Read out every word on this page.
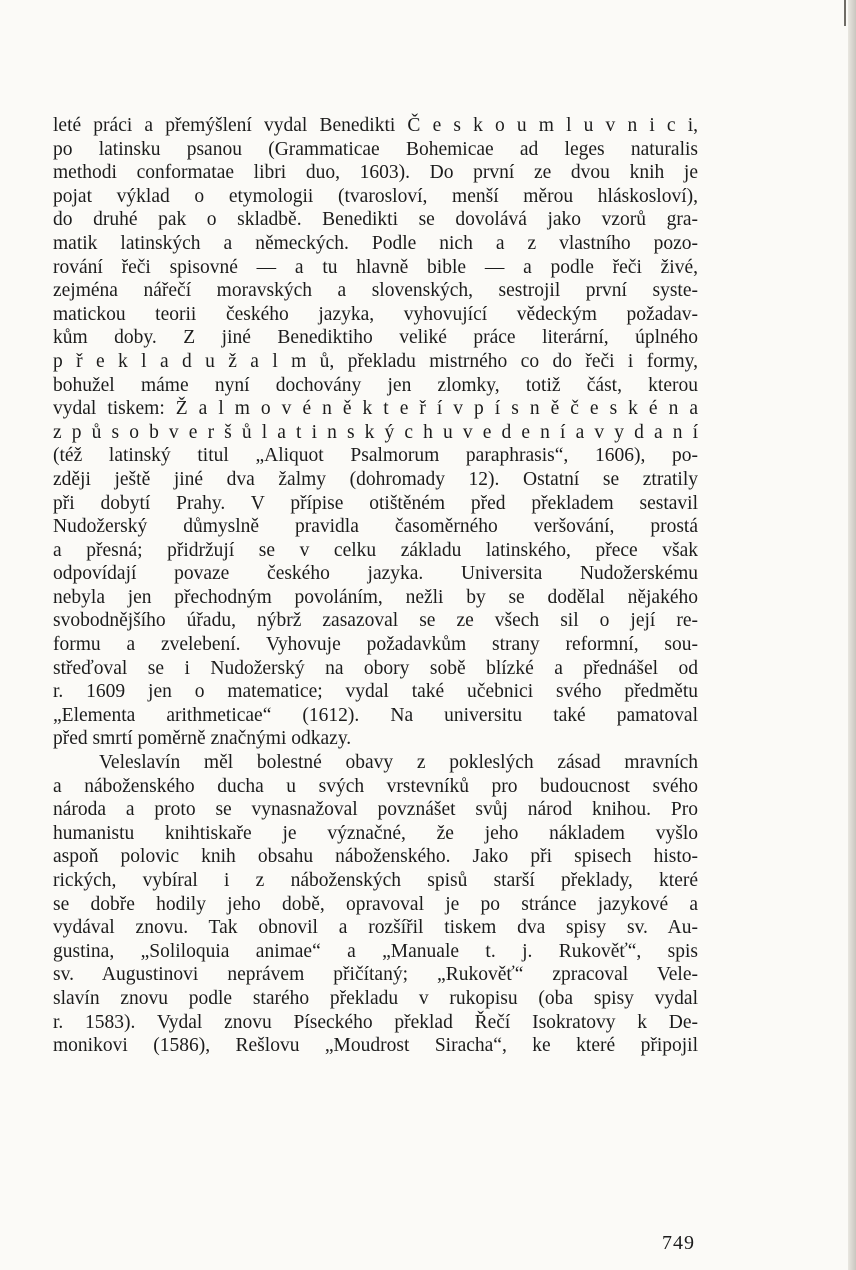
leté práci a přemýšlení vydal Benedikti Č e s k o u m l u v n i c i,
po latinsku psanou (Grammaticae Bohemicae ad leges naturalis
methodi conformatae libri duo, 1603). Do první ze dvou knih je
pojat výklad o etymologii (tvarosloví, menší měrou hláskosloví),
do druhé pak o skladbě. Benedikti se dovolává jako vzorů gra-
matik latinských a německých. Podle nich a z vlastního pozo-
rování řeči spisovné — a tu hlavně bible — a podle řeči živé,
zejména nářečí moravských a slovenských, sestrojil první syste-
matickou teorii českého jazyka, vyhovující vědeckým požadav-
kům doby. Z jiné Benediktiho veliké práce literární, úplného
p ř e k l a d u ž a l m ů, překladu mistrného co do řeči i formy,
bohužel máme nyní dochovány jen zlomky, totiž část, kterou
vydal tiskem: Ž a l m o v é n ě k t e ř í v p í s n ě č e s k é n a
z p ů s o b v e r š ů l a t i n s k ý c h u v e d e n í a v y d a n í
(též latinský titul „Aliquot Psalmorum paraphrasis“, 1606), po-
zději ještě jiné dva žalmy (dohromady 12). Ostatní se ztratily
při dobytí Prahy. V přípise otištěném před překladem sestavil
Nudožerský důmyslně pravidla časoměrného veršování, prostá
a přesná; přidržují se v celku základu latinského, přece však
odpovídají povaze českého jazyka. Universita Nudožerskému
nebyla jen přechodným povoláním, nežli by se dodělal nějakého
svobodnějšího úřadu, nýbrž zasazoval se ze všech sil o její re-
formu a zvelebení. Vyhovuje požadavkům strany reformní, sou-
střeďoval se i Nudožerský na obory sobě blízké a přednášel od
r. 1609 jen o matematice; vydal také učebnici svého předmětu
„Elementa arithmeticae“ (1612). Na universitu také pamatoval
před smrtí poměrně značnými odkazy.
Veleslavín měl bolestné obavy z pokleslých zásad mravních
a náboženského ducha u svých vrstevníků pro budoucnost svého
národa a proto se vynasnažoval povznášet svůj národ knihou. Pro
humanistu knihtiskaře je význačné, že jeho nákladem vyšlo
aspoň polovic knih obsahu náboženského. Jako při spisech histo-
rických, vybíral i z náboženských spisů starší překlady, které
se dobře hodily jeho době, opravoval je po stránce jazykové a
vydával znovu. Tak obnovil a rozšířil tiskem dva spisy sv. Au-
gustina, „Soliloquia animae“ a „Manuale t. j. Rukověť“, spis
sv. Augustinovi neprávem přičítaný; „Rukověť“ zpracoval Vele-
slavín znovu podle starého překladu v rukopisu (oba spisy vydal
r. 1583). Vydal znovu Píseckého překlad Řečí Isokratovy k De-
monikovi (1586), Rešlovu „Moudrost Siracha“, ke které připojil
749
